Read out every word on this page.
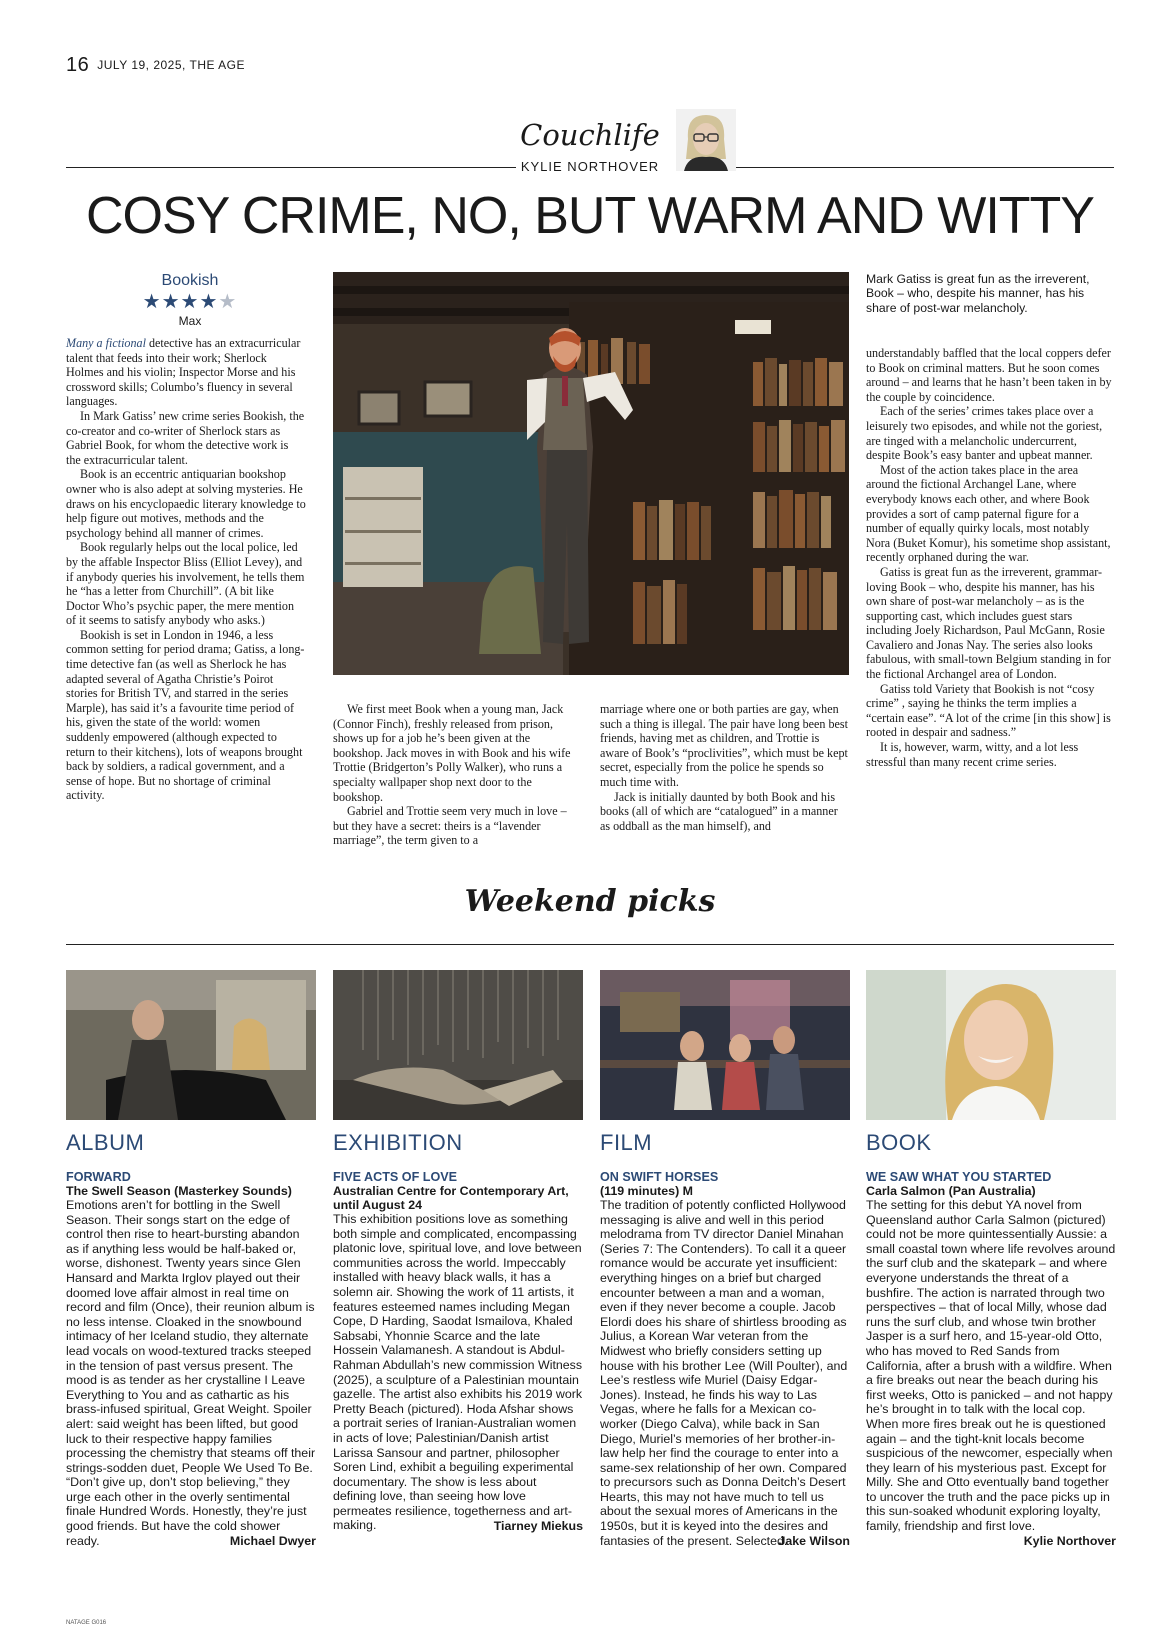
16 JULY 19, 2025, THE AGE
Couchlife
KYLIE NORTHOVER
COSY CRIME, NO, BUT WARM AND WITTY
Bookish
★★★★★
Max

Many a fictional detective has an extracurricular talent that feeds into their work; Sherlock Holmes and his violin; Inspector Morse and his crossword skills; Columbo’s fluency in several languages.

In Mark Gatiss’ new crime series Bookish, the co-creator and co-writer of Sherlock stars as Gabriel Book, for whom the detective work is the extracurricular talent.

Book is an eccentric antiquarian bookshop owner who is also adept at solving mysteries. He draws on his encyclopaedic literary knowledge to help figure out motives, methods and the psychology behind all manner of crimes.

Book regularly helps out the local police, led by the affable Inspector Bliss (Elliot Levey), and if anybody queries his involvement, he tells them he “has a letter from Churchill”. (A bit like Doctor Who’s psychic paper, the mere mention of it seems to satisfy anybody who asks.)

Bookish is set in London in 1946, a less common setting for period drama; Gatiss, a long-time detective fan (as well as Sherlock he has adapted several of Agatha Christie’s Poirot stories for British TV, and starred in the series Marple), has said it’s a favourite time period of his, given the state of the world: women suddenly empowered (although expected to return to their kitchens), lots of weapons brought back by soldiers, a radical government, and a sense of hope. But no shortage of criminal activity.

We first meet Book when a young man, Jack (Connor Finch), freshly released from prison, shows up for a job he’s been given at the bookshop. Jack moves in with Book and his wife Trottie (Bridgerton’s Polly Walker), who runs a specialty wallpaper shop next door to the bookshop.

Gabriel and Trottie seem very much in love – but they have a secret: theirs is a “lavender marriage”, the term given to a

marriage where one or both parties are gay, when such a thing is illegal. The pair have long been best friends, having met as children, and Trottie is aware of Book’s “proclivities”, which must be kept secret, especially from the police he spends so much time with.

Jack is initially daunted by both Book and his books (all of which are “catalogued” in a manner as oddball as the man himself), and

Mark Gatiss is great fun as the irreverent, Book – who, despite his manner, has his share of post-war melancholy.

understandably baffled that the local coppers defer to Book on criminal matters. But he soon comes around – and learns that he hasn’t been taken in by the couple by coincidence.

Each of the series’ crimes takes place over a leisurely two episodes, and while not the goriest, are tinged with a melancholic undercurrent, despite Book’s easy banter and upbeat manner.

Most of the action takes place in the area around the fictional Archangel Lane, where everybody knows each other, and where Book provides a sort of camp paternal figure for a number of equally quirky locals, most notably Nora (Buket Komur), his sometime shop assistant, recently orphaned during the war.

Gatiss is great fun as the irreverent, grammar-loving Book – who, despite his manner, has his own share of post-war melancholy – as is the supporting cast, which includes guest stars including Joely Richardson, Paul McGann, Rosie Cavaliero and Jonas Nay. The series also looks fabulous, with small-town Belgium standing in for the fictional Archangel area of London.

Gatiss told Variety that Bookish is not “cosy crime” , saying he thinks the term implies a “certain ease”. “A lot of the crime [in this show] is rooted in despair and sadness.”

It is, however, warm, witty, and a lot less stressful than many recent crime series.

Weekend picks
ALBUM
FORWARD
The Swell Season (Masterkey Sounds)
Emotions aren’t for bottling in the Swell Season. Their songs start on the edge of control then rise to heart-bursting abandon as if anything less would be half-baked or, worse, dishonest. Twenty years since Glen Hansard and Markta Irglov played out their doomed love affair almost in real time on record and film (Once), their reunion album is no less intense. Cloaked in the snowbound intimacy of her Iceland studio, they alternate lead vocals on wood-textured tracks steeped in the tension of past versus present. The mood is as tender as her crystalline I Leave Everything to You and as cathartic as his brass-infused spiritual, Great Weight. Spoiler alert: said weight has been lifted, but good luck to their respective happy families processing the chemistry that steams off their strings-sodden duet, People We Used To Be. “Don’t give up, don’t stop believing,” they urge each other in the overly sentimental finale Hundred Words. Honestly, they’re just good friends. But have the cold shower ready.	Michael Dwyer
EXHIBITION
FIVE ACTS OF LOVE
Australian Centre for Contemporary Art, until August 24
This exhibition positions love as something both simple and complicated, encompassing platonic love, spiritual love, and love between communities across the world. Impeccably installed with heavy black walls, it has a solemn air. Showing the work of 11 artists, it features esteemed names including Megan Cope, D Harding, Saodat Ismailova, Khaled Sabsabi, Yhonnie Scarce and the late Hossein Valamanesh. A standout is Abdul-Rahman Abdullah’s new commission Witness (2025), a sculpture of a Palestinian mountain gazelle. The artist also exhibits his 2019 work Pretty Beach (pictured). Hoda Afshar shows a portrait series of Iranian-Australian women in acts of love; Palestinian/Danish artist Larissa Sansour and partner, philosopher Soren Lind, exhibit a beguiling experimental documentary. The show is less about defining love, than seeing how love permeates resilience, togetherness and art-making.	Tiarney Miekus
FILM
ON SWIFT HORSES
(119 minutes) M
The tradition of potently conflicted Hollywood messaging is alive and well in this period melodrama from TV director Daniel Minahan (Series 7: The Contenders). To call it a queer romance would be accurate yet insufficient: everything hinges on a brief but charged encounter between a man and a woman, even if they never become a couple. Jacob Elordi does his share of shirtless brooding as Julius, a Korean War veteran from the Midwest who briefly considers setting up house with his brother Lee (Will Poulter), and Lee’s restless wife Muriel (Daisy Edgar-Jones). Instead, he finds his way to Las Vegas, where he falls for a Mexican co-worker (Diego Calva), while back in San Diego, Muriel’s memories of her brother-in-law help her find the courage to enter into a same-sex relationship of her own. Compared to precursors such as Donna Deitch’s Desert Hearts, this may not have much to tell us about the sexual mores of Americans in the 1950s, but it is keyed into the desires and fantasies of the present. Selected.
Jake Wilson
BOOK
WE SAW WHAT YOU STARTED
Carla Salmon (Pan Australia)
The setting for this debut YA novel from Queensland author Carla Salmon (pictured) could not be more quintessentially Aussie: a small coastal town where life revolves around the surf club and the skatepark – and where everyone understands the threat of a bushfire. The action is narrated through two perspectives – that of local Milly, whose dad runs the surf club, and whose twin brother Jasper is a surf hero, and 15-year-old Otto, who has moved to Red Sands from California, after a brush with a wildfire. When a fire breaks out near the beach during his first weeks, Otto is panicked – and not happy he’s brought in to talk with the local cop. When more fires break out he is questioned again – and the tight-knit locals become suspicious of the newcomer, especially when they learn of his mysterious past. Except for Milly. She and Otto eventually band together to uncover the truth and the pace picks up in this sun-soaked whodunit exploring loyalty, family, friendship and first love.
Kylie Northover
NATAGE G016
